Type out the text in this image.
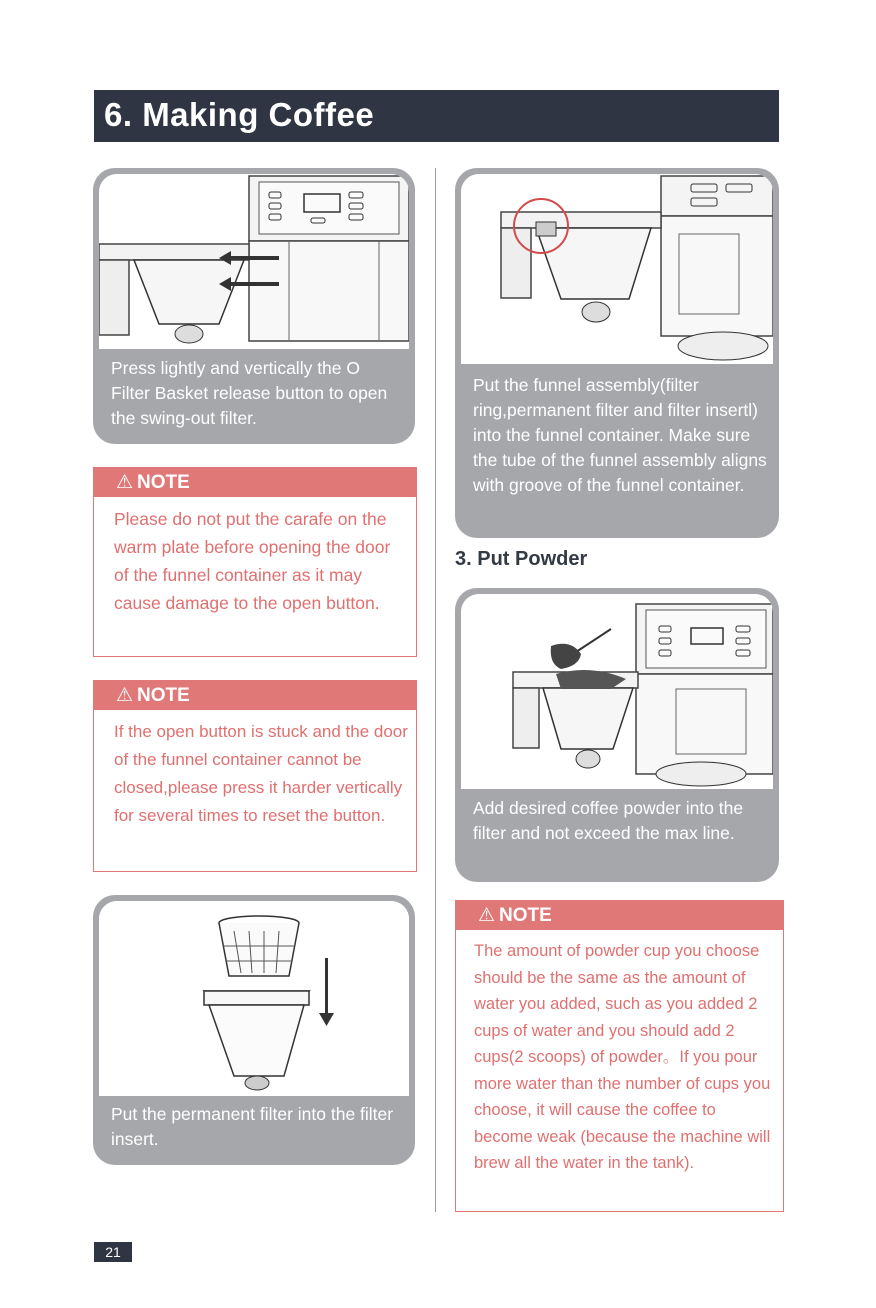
6. Making Coffee
Press lightly and vertically the O Filter Basket release button to open the swing-out filter.
⚠ NOTE
Please do not put the carafe on the warm plate before opening the door of the funnel container as it may cause damage to the open button.
⚠ NOTE
If the open button is stuck and the door of the funnel container cannot be closed,please press it harder vertically for several times to reset the button.
Put the permanent filter into the filter insert.
Put the funnel assembly(filter ring,permanent filter and filter insertl) into the funnel container. Make sure the tube of the funnel assembly aligns with groove of the funnel container.
3. Put Powder
Add desired coffee powder into the filter and not exceed the max line.
⚠ NOTE
The amount of powder cup you choose should be the same as the amount of water you added, such as you added 2 cups of water and you should add 2 cups(2 scoops) of powder。If you pour more water than the number of cups you choose, it will cause the coffee to become weak (because the machine will brew all the water in the tank).
21
